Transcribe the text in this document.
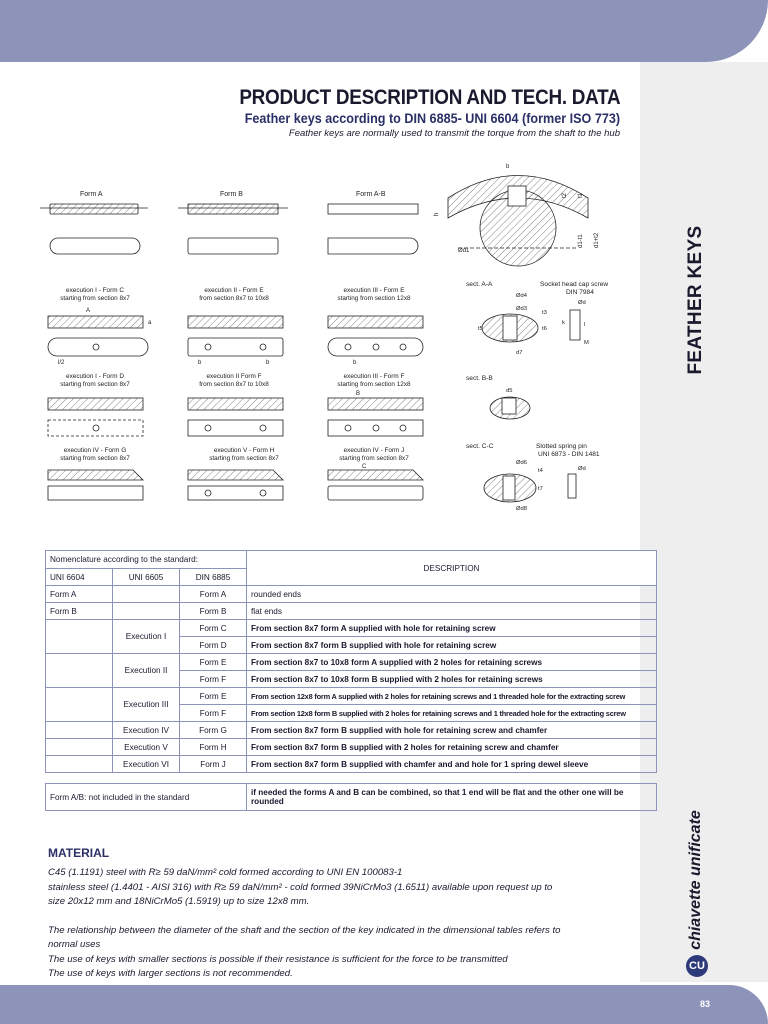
83
FEATHER KEYS
chiavette unificate
CU
PRODUCT DESCRIPTION AND TECH. DATA
Feather keys according to DIN 6885- UNI 6604 (former ISO 773)
Feather keys are normally used to transmit the torque from the shaft to the hub
Form A	Form B	Form A-B
b
t2 t1
h
d1-t1 d1+t2
Ød1
execution I - Form C
starting from section 8x7
execution II - Form E
from section 8x7 to 10x8
execution III - Form E
starting from section 12x8
l/2	b	b	b
a
A
execution I - Form D
starting from section 8x7
execution II Form F
from section 8x7 to 10x8
execution III - Form F
starting from section 12x8
B
execution IV - Form G
starting from section 8x7
execution V - Form H
starting from section 8x7
execution IV - Form J
starting from section 8x7
C
sect. A-A	Socket head cap screw
DIN 7984
sect. B-B
sect. C-C	Slotted spring pin
UNI 6873 - DIN 1481
Ød4
Ød3
d7
t5	t6
t3
Ød
k	l
M
d5
Ød6
t4
t7
Ød8
Ød
Nomenclature according to the standard:			DESCRIPTION
UNI 6604	UNI 6605	DIN 6885	
Form A		Form A	rounded ends
Form B		Form B	flat ends
	Execution I	Form C	From section 8x7 form A supplied with hole for retaining screw
		Form D	From section 8x7 form B supplied with hole for retaining screw
	Execution II	Form E	From section 8x7 to 10x8 form A supplied with 2 holes for retaining screws
		Form F	From section 8x7 to 10x8 form B supplied with 2 holes for retaining screws
	Execution III	Form E	From section 12x8 form A supplied with 2 holes for retaining screws and 1 threaded hole for the extracting screw
		Form F	From section 12x8 form B supplied with 2 holes for retaining screws and 1 threaded hole for the extracting screw
	Execution IV	Form G	From section 8x7 form B supplied with hole for retaining screw and chamfer
	Execution V	Form H	From section 8x7 form B supplied with 2 holes for retaining screw and chamfer
	Execution VI	Form J	From section 8x7 form B supplied with chamfer and and hole for 1 spring dewel sleeve

Form A/B: not included in the standard			if needed the forms A and B can be combined, so that 1 end will be flat and the other one will be rounded
MATERIAL

C45 (1.1191) steel with R≥ 59 daN/mm² cold formed according to UNI EN 100083-1

stainless steel (1.4401 - AISI 316) with R≥ 59 daN/mm² - cold formed 39NiCrMo3 (1.6511) available upon request up to

size 20x12 mm and 18NiCrMo5 (1.5919) up to size 12x8 mm.

The relationship between the diameter of the shaft and the section of the key indicated in the dimensional tables refers to

normal uses

The use of keys with smaller sections is possible if their resistance is sufficient for the force to be transmitted

The use of keys with larger sections is not recommended.
